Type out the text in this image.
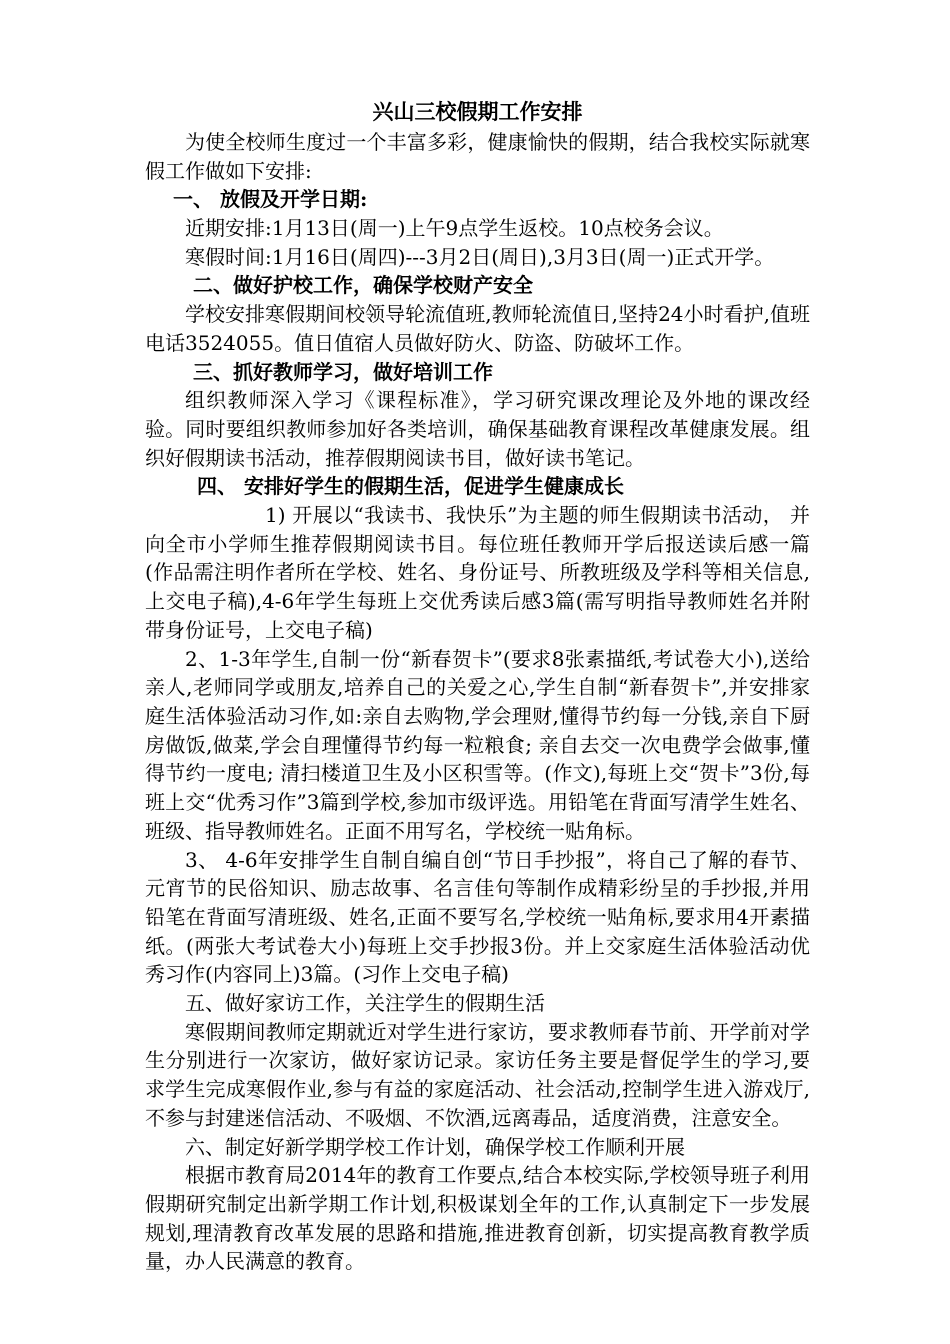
兴山三校假期工作安排

为使全校师生度过一个丰富多彩，健康愉快的假期，结合我校实际就寒假工作做如下安排:

一、 放假及开学日期:
近期安排:1月13日(周一)上午9点学生返校。10点校务会议。

寒假时间:1月16日(周四)---3月2日(周日),3月3日(周一)正式开学。

二、做好护校工作，确保学校财产安全

学校安排寒假期间校领导轮流值班,教师轮流值日,坚持24小时看护,值班电话3524055。值日值宿人员做好防火、防盗、防破坏工作。

三、抓好教师学习，做好培训工作

组织教师深入学习《课程标准》，学习研究课改理论及外地的课改经验。同时要组织教师参加好各类培训，确保基础教育课程改革健康发展。组织好假期读书活动，推荐假期阅读书目，做好读书笔记。

四、 安排好学生的假期生活，促进学生健康成长

1) 开展以“我读书、我快乐”为主题的师生假期读书活动， 并向全市小学师生推荐假期阅读书目。每位班任教师开学后报送读后感一篇(作品需注明作者所在学校、姓名、身份证号、所教班级及学科等相关信息,上交电子稿),4-6年学生每班上交优秀读后感3篇(需写明指导教师姓名并附带身份证号，上交电子稿)

2、1-3年学生,自制一份“新春贺卡”(要求8张素描纸,考试卷大小),送给亲人,老师同学或朋友,培养自己的关爱之心,学生自制“新春贺卡”,并安排家庭生活体验活动习作,如:亲自去购物,学会理财,懂得节约每一分钱,亲自下厨房做饭,做菜,学会自理懂得节约每一粒粮食; 亲自去交一次电费学会做事,懂得节约一度电; 清扫楼道卫生及小区积雪等。(作文),每班上交“贺卡”3份,每班上交“优秀习作”3篇到学校,参加市级评选。用铅笔在背面写清学生姓名、班级、指导教师姓名。正面不用写名，学校统一贴角标。

3、 4-6年安排学生自制自编自创“节日手抄报”，将自己了解的春节、元宵节的民俗知识、励志故事、名言佳句等制作成精彩纷呈的手抄报,并用铅笔在背面写清班级、姓名,正面不要写名,学校统一贴角标,要求用4开素描纸。(两张大考试卷大小)每班上交手抄报3份。并上交家庭生活体验活动优秀习作(内容同上)3篇。(习作上交电子稿)

五、做好家访工作，关注学生的假期生活

寒假期间教师定期就近对学生进行家访，要求教师春节前、开学前对学生分别进行一次家访，做好家访记录。家访任务主要是督促学生的学习,要求学生完成寒假作业,参与有益的家庭活动、社会活动,控制学生进入游戏厅,不参与封建迷信活动、不吸烟、不饮酒,远离毒品，适度消费，注意安全。

六、制定好新学期学校工作计划，确保学校工作顺利开展

根据市教育局2014年的教育工作要点,结合本校实际,学校领导班子利用假期研究制定出新学期工作计划,积极谋划全年的工作,认真制定下一步发展规划,理清教育改革发展的思路和措施,推进教育创新，切实提高教育教学质量，办人民满意的教育。
